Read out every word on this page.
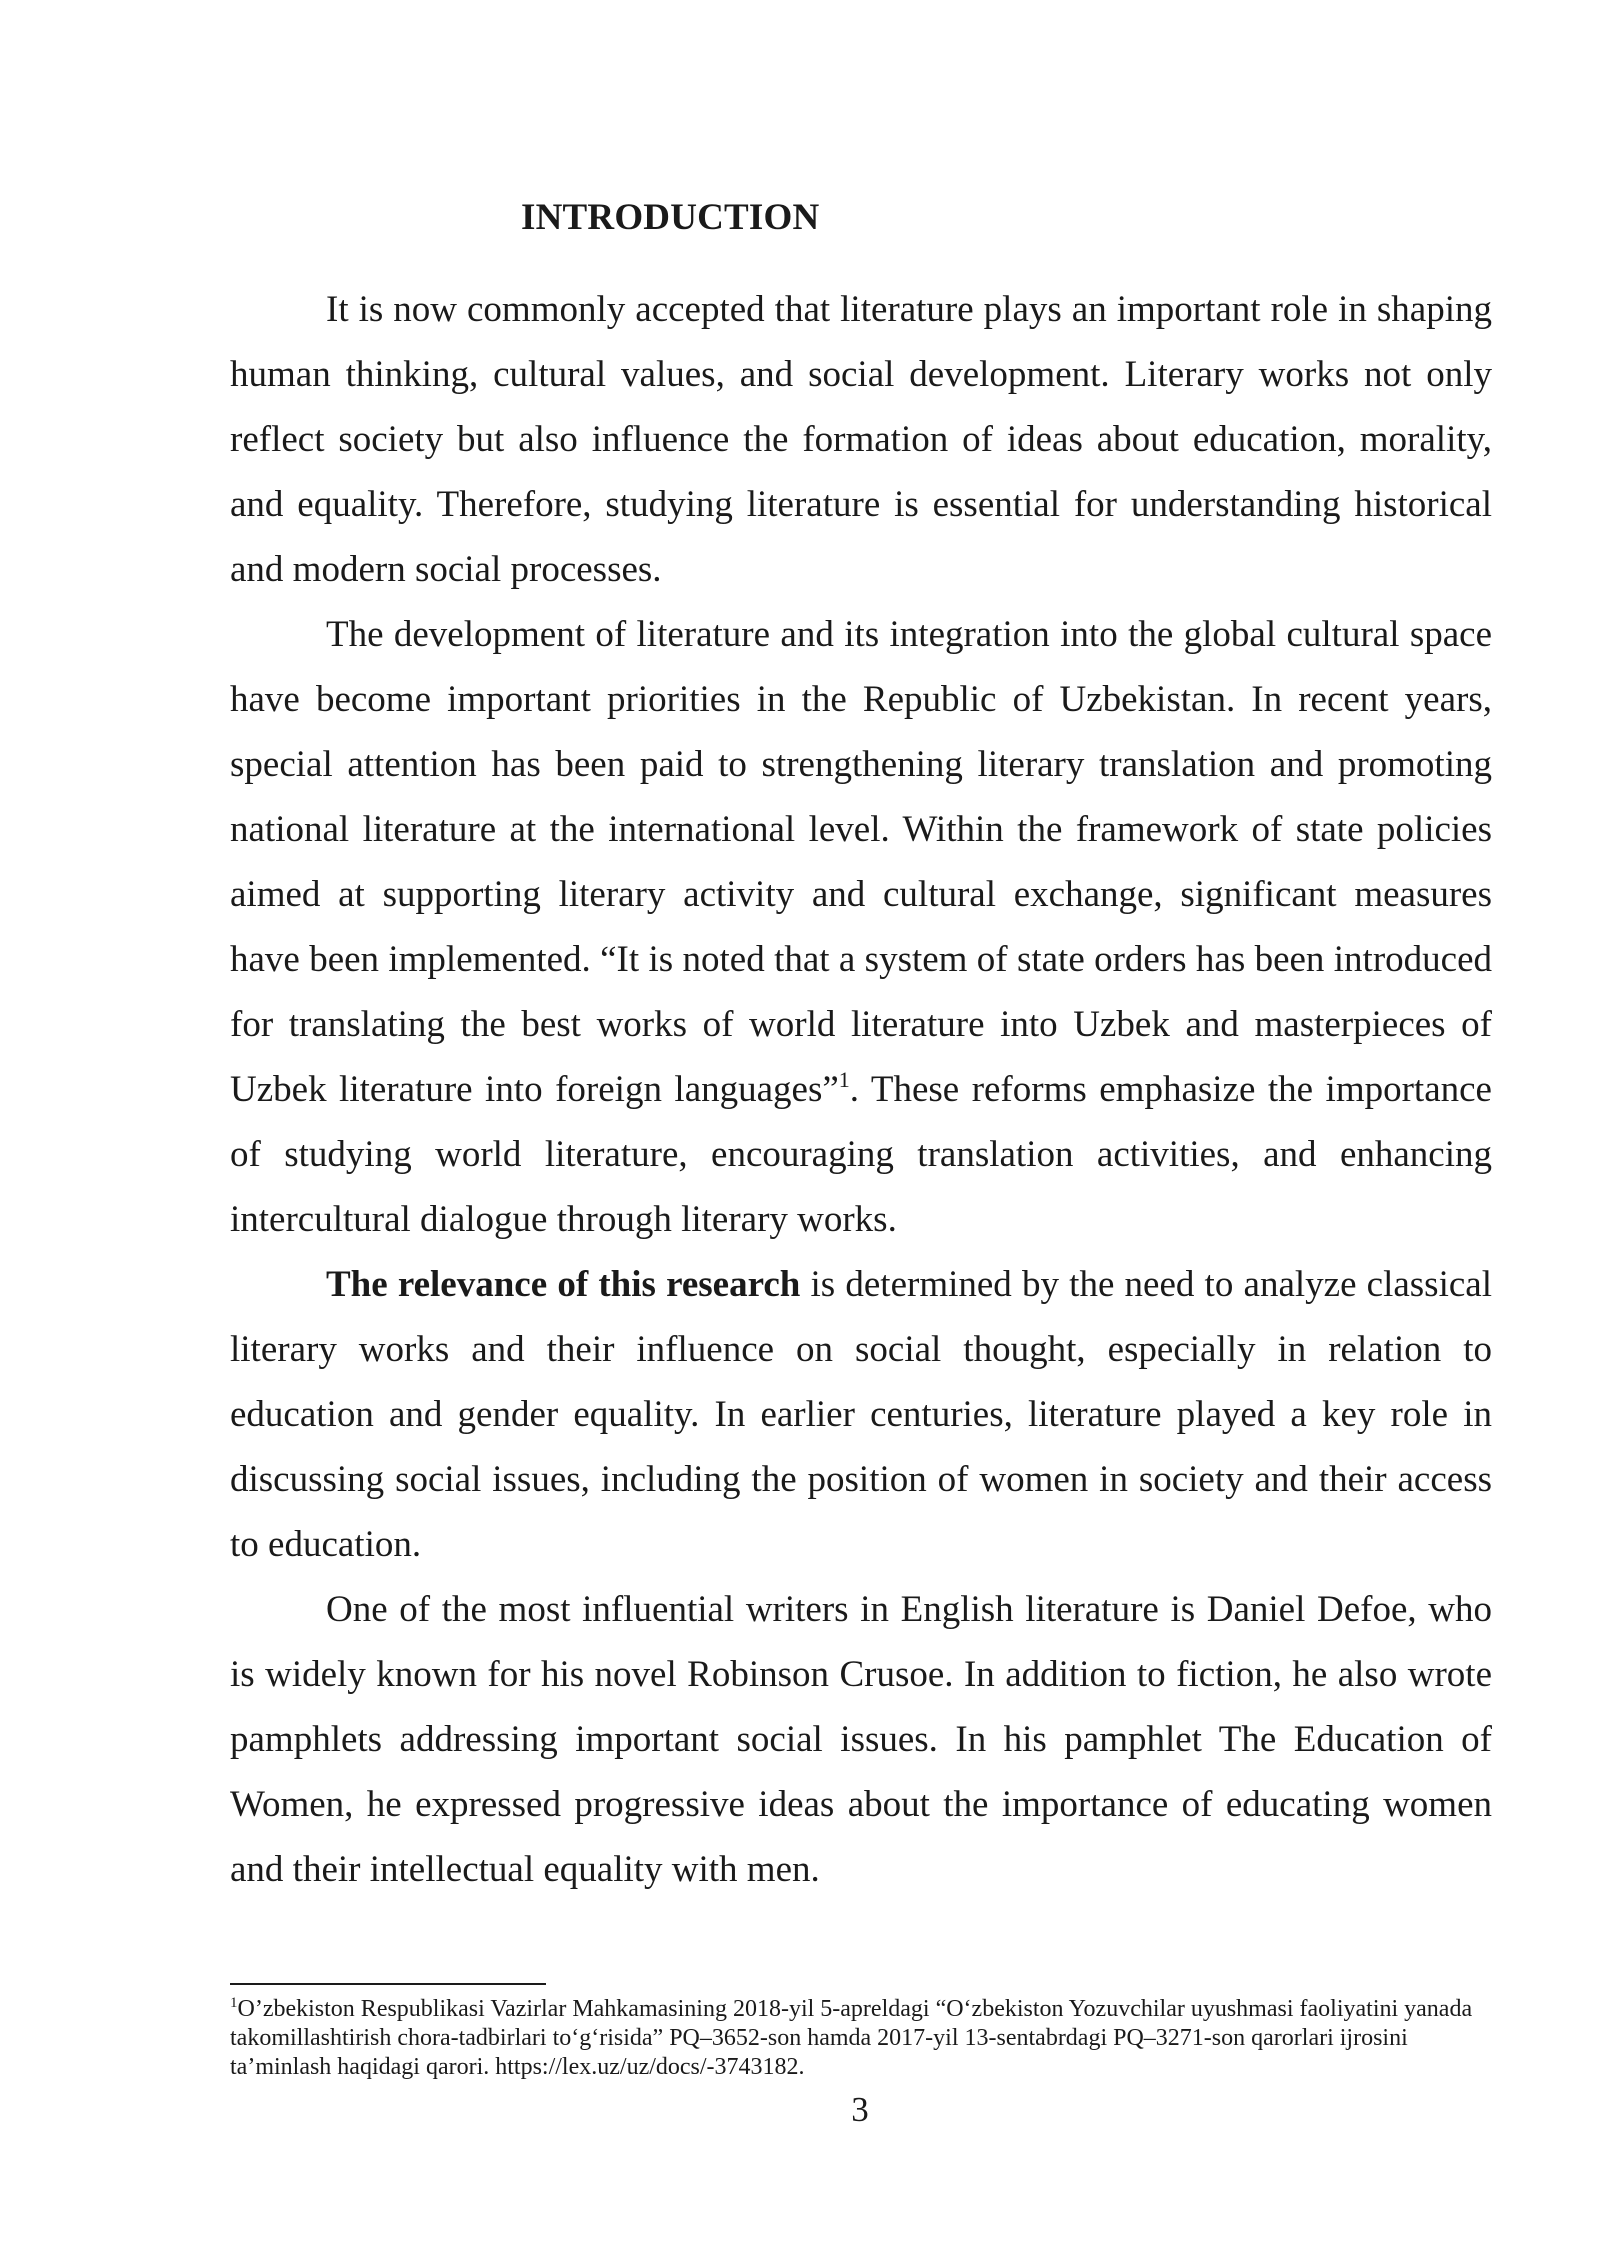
INTRODUCTION

It is now commonly accepted that literature plays an important role in shaping human thinking, cultural values, and social development. Literary works not only reflect society but also influence the formation of ideas about education, morality, and equality. Therefore, studying literature is essential for understanding historical and modern social processes.

The development of literature and its integration into the global cultural space have become important priorities in the Republic of Uzbekistan. In recent years, special attention has been paid to strengthening literary translation and promoting national literature at the international level. Within the framework of state policies aimed at supporting literary activity and cultural exchange, significant measures have been implemented. “It is noted that a system of state orders has been introduced for translating the best works of world literature into Uzbek and masterpieces of Uzbek literature into foreign languages”$^1$. These reforms emphasize the importance of studying world literature, encouraging translation activities, and enhancing intercultural dialogue through literary works.

The relevance of this research is determined by the need to analyze classical literary works and their influence on social thought, especially in relation to education and gender equality. In earlier centuries, literature played a key role in discussing social issues, including the position of women in society and their access to education.

One of the most influential writers in English literature is Daniel Defoe, who is widely known for his novel Robinson Crusoe. In addition to fiction, he also wrote pamphlets addressing important social issues. In his pamphlet The Education of Women, he expressed progressive ideas about the importance of educating women and their intellectual equality with men.

$^1$O’zbekiston Respublikasi Vazirlar Mahkamasining 2018-yil 5-apreldagi “O‘zbekiston Yozuvchilar uyushmasi faoliyatini yanada takomillashtirish chora-tadbirlari to‘g‘risida” PQ–3652-son hamda 2017-yil 13-sentabrdagi PQ–3271-son qarorlari ijrosini ta’minlash haqidagi qarori. https://lex.uz/uz/docs/-3743182.

3
